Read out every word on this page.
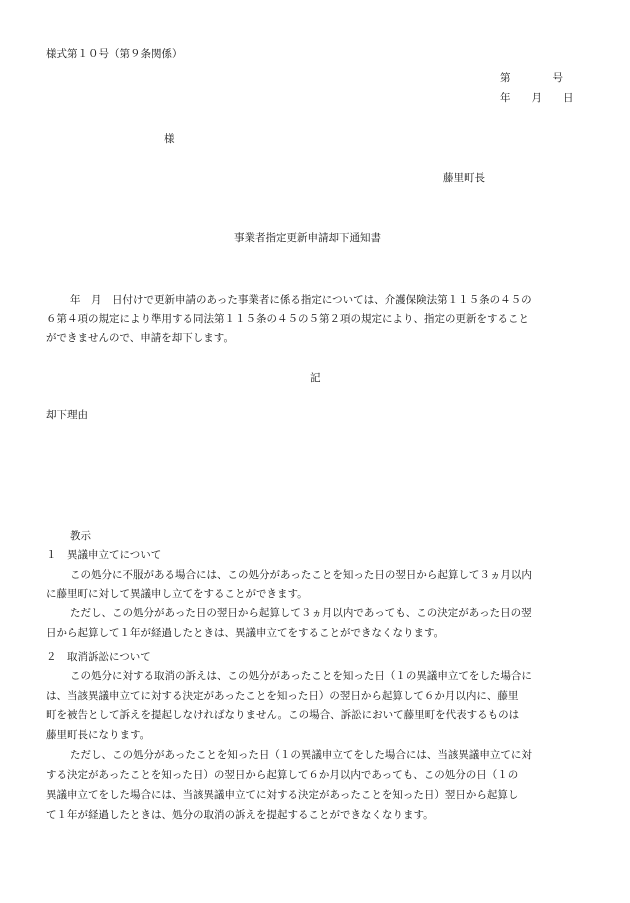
様式第１０号（第９条関係）
第　　　　号
年　　月　　日
様
藤里町長
事業者指定更新申請却下通知書
年　月　日付けで更新申請のあった事業者に係る指定については、介護保険法第１１５条の４５の
６第４項の規定により準用する同法第１１５条の４５の５第２項の規定により、指定の更新をすること
ができませんので、申請を却下します。
記
却下理由
教示
１　異議申立てについて
この処分に不服がある場合には、この処分があったことを知った日の翌日から起算して３ヵ月以内
に藤里町に対して異議申し立てをすることができます。
ただし、この処分があった日の翌日から起算して３ヵ月以内であっても、この決定があった日の翌
日から起算して１年が経過したときは、異議申立てをすることができなくなります。
２　取消訴訟について
この処分に対する取消の訴えは、この処分があったことを知った日（１の異議申立てをした場合に
は、当該異議申立てに対する決定があったことを知った日）の翌日から起算して６か月以内に、藤里
町を被告として訴えを提起しなければなりません。この場合、訴訟において藤里町を代表するものは
藤里町長になります。
ただし、この処分があったことを知った日（１の異議申立てをした場合には、当該異議申立てに対
する決定があったことを知った日）の翌日から起算して６か月以内であっても、この処分の日（１の
異議申立てをした場合には、当該異議申立てに対する決定があったことを知った日）翌日から起算し
て１年が経過したときは、処分の取消の訴えを提起することができなくなります。
